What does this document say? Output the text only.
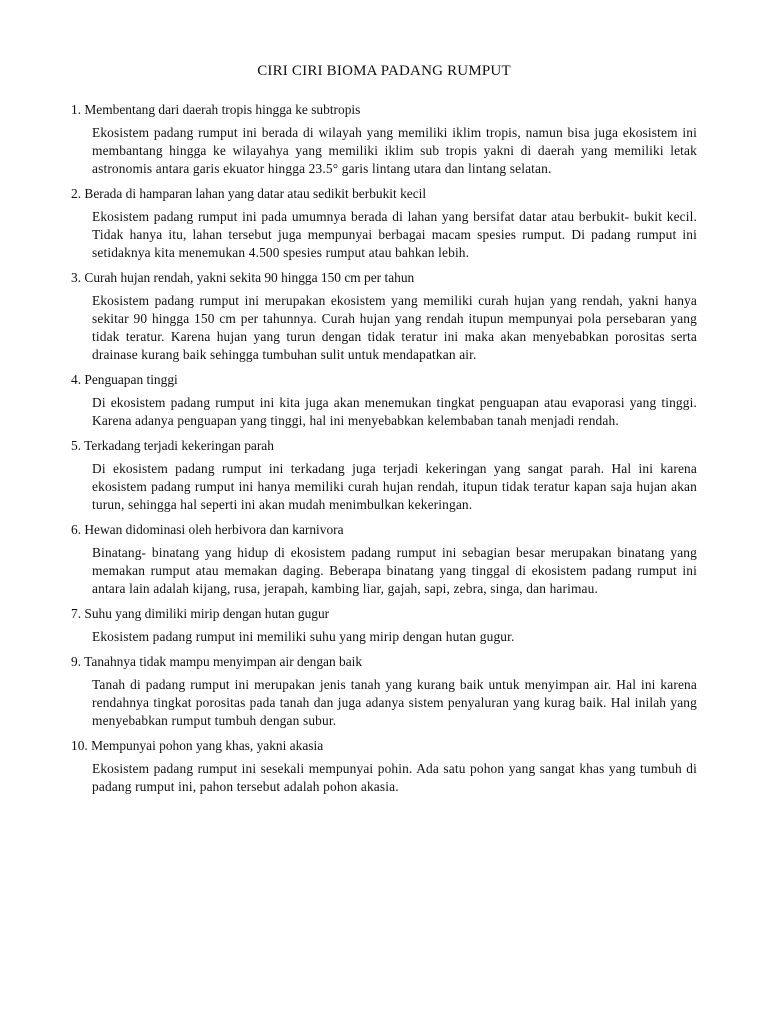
CIRI CIRI BIOMA PADANG RUMPUT

1. Membentang dari daerah tropis hingga ke subtropis

Ekosistem padang rumput ini berada di wilayah yang memiliki iklim tropis, namun bisa juga ekosistem ini membantang hingga ke wilayahya yang memiliki iklim sub tropis yakni di daerah yang memiliki letak astronomis antara garis ekuator hingga 23.5° garis lintang utara dan lintang selatan.

2. Berada di hamparan lahan yang datar atau sedikit berbukit kecil

Ekosistem padang rumput ini pada umumnya berada di lahan yang bersifat datar atau berbukit- bukit kecil. Tidak hanya itu, lahan tersebut juga mempunyai berbagai macam spesies rumput. Di padang rumput ini setidaknya kita menemukan 4.500 spesies rumput atau bahkan lebih.

3. Curah hujan rendah, yakni sekita 90 hingga 150 cm per tahun

Ekosistem padang rumput ini merupakan ekosistem yang memiliki curah hujan yang rendah, yakni hanya sekitar 90 hingga 150 cm per tahunnya. Curah hujan yang rendah itupun mempunyai pola persebaran yang tidak teratur. Karena hujan yang turun dengan tidak teratur ini maka akan menyebabkan porositas serta drainase kurang baik sehingga tumbuhan sulit untuk mendapatkan air.

4. Penguapan tinggi

Di ekosistem padang rumput ini kita juga akan menemukan tingkat penguapan atau evaporasi yang tinggi. Karena adanya penguapan yang tinggi, hal ini menyebabkan kelembaban tanah menjadi rendah.

5. Terkadang terjadi kekeringan parah

Di ekosistem padang rumput ini terkadang juga terjadi kekeringan yang sangat parah. Hal ini karena ekosistem padang rumput ini hanya memiliki curah hujan rendah, itupun tidak teratur kapan saja hujan akan turun, sehingga hal seperti ini akan mudah menimbulkan kekeringan.

6. Hewan didominasi oleh herbivora dan karnivora

Binatang- binatang yang hidup di ekosistem padang rumput ini sebagian besar merupakan binatang yang memakan rumput atau memakan daging. Beberapa binatang yang tinggal di ekosistem padang rumput ini antara lain adalah kijang, rusa, jerapah, kambing liar, gajah, sapi, zebra, singa, dan harimau.

7. Suhu yang dimiliki mirip dengan hutan gugur

Ekosistem padang rumput ini memiliki suhu yang mirip dengan hutan gugur.

9. Tanahnya tidak mampu menyimpan air dengan baik

Tanah di padang rumput ini merupakan jenis tanah yang kurang baik untuk menyimpan air. Hal ini karena rendahnya tingkat porositas pada tanah dan juga adanya sistem penyaluran yang kurag baik. Hal inilah yang menyebabkan rumput tumbuh dengan subur.

10. Mempunyai pohon yang khas, yakni akasia

Ekosistem padang rumput ini sesekali mempunyai pohin. Ada satu pohon yang sangat khas yang tumbuh di padang rumput ini, pahon tersebut adalah pohon akasia.
